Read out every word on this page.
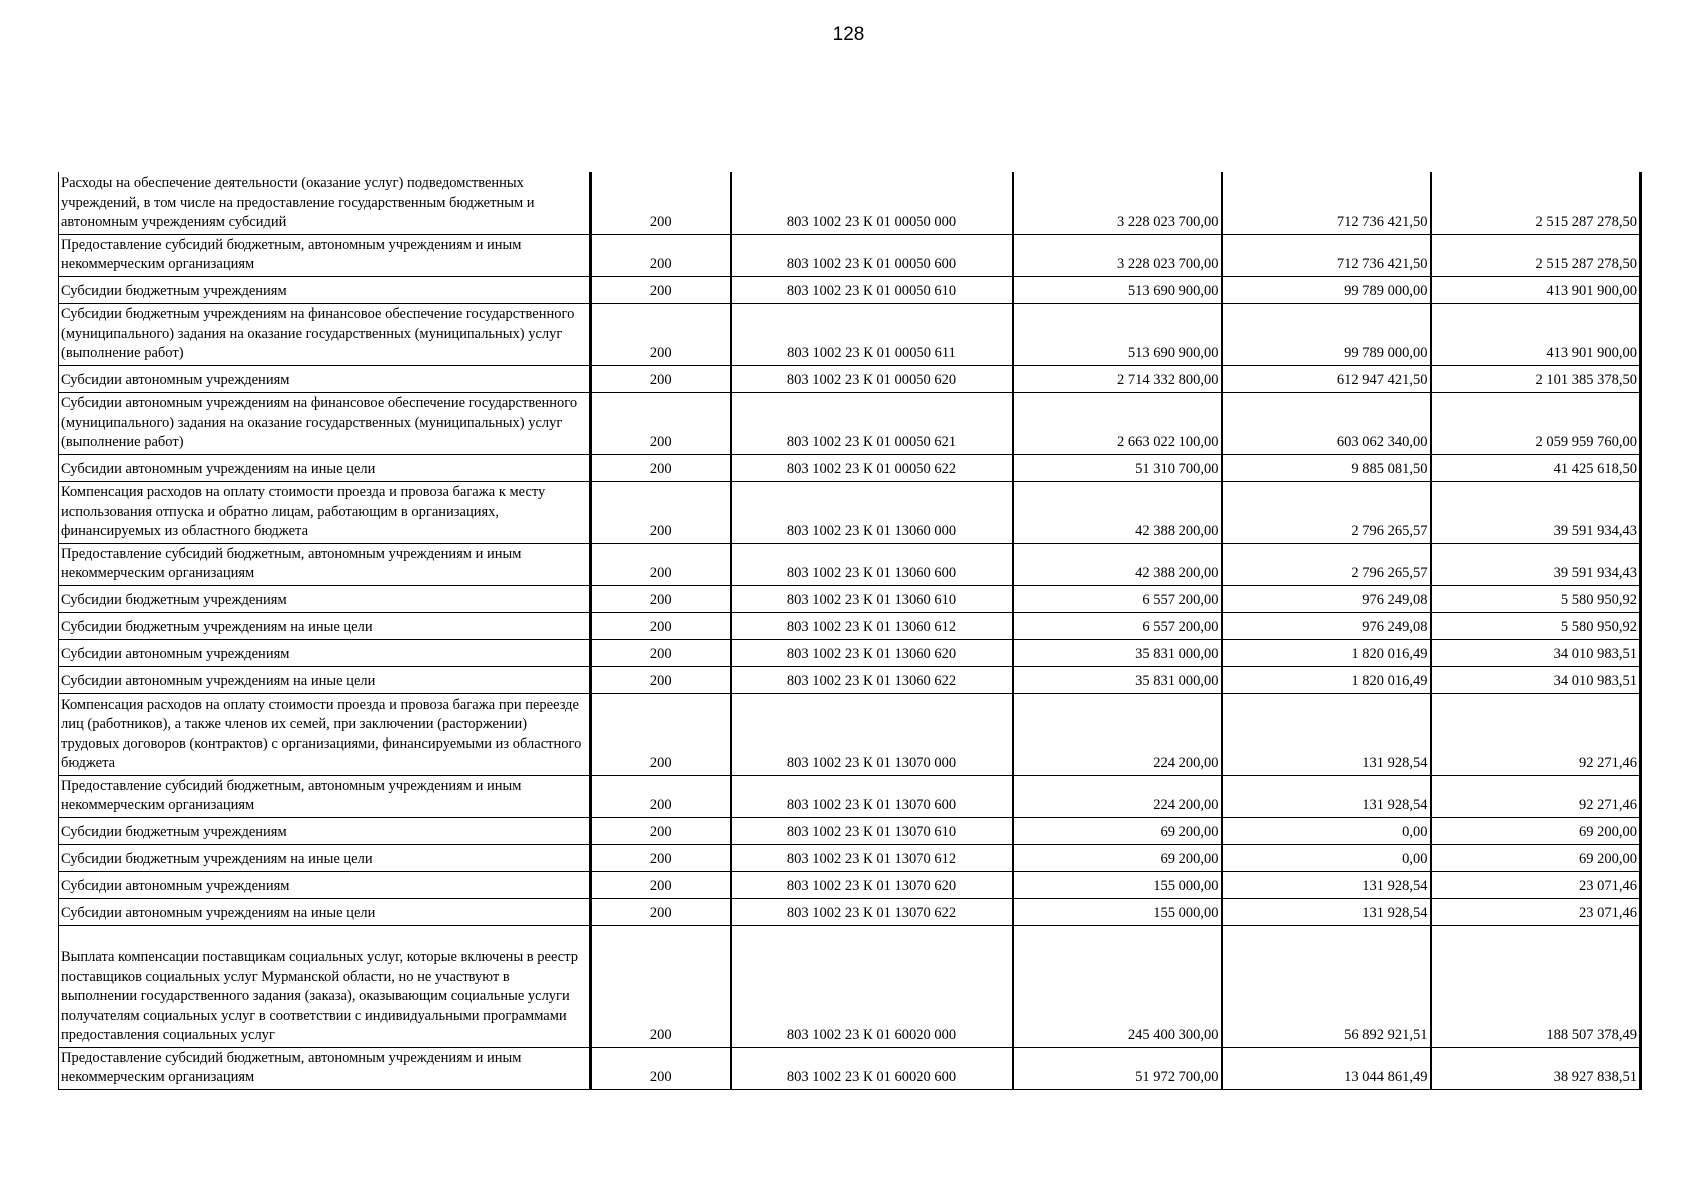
128
Расходы на обеспечение деятельности (оказание услуг) подведомственных учреждений, в том числе на предоставление государственным бюджетным и автономным учреждениям субсидий	200	803 1002 23 К 01 00050 000	3 228 023 700,00	712 736 421,50	2 515 287 278,50
Предоставление субсидий бюджетным, автономным учреждениям и иным некоммерческим организациям	200	803 1002 23 К 01 00050 600	3 228 023 700,00	712 736 421,50	2 515 287 278,50
Субсидии бюджетным учреждениям	200	803 1002 23 К 01 00050 610	513 690 900,00	99 789 000,00	413 901 900,00
Субсидии бюджетным учреждениям на финансовое обеспечение государственного (муниципального) задания на оказание государственных (муниципальных) услуг (выполнение работ)	200	803 1002 23 К 01 00050 611	513 690 900,00	99 789 000,00	413 901 900,00
Субсидии автономным учреждениям	200	803 1002 23 К 01 00050 620	2 714 332 800,00	612 947 421,50	2 101 385 378,50
Субсидии автономным учреждениям на финансовое обеспечение государственного (муниципального) задания на оказание государственных (муниципальных) услуг (выполнение работ)	200	803 1002 23 К 01 00050 621	2 663 022 100,00	603 062 340,00	2 059 959 760,00
Субсидии автономным учреждениям на иные цели	200	803 1002 23 К 01 00050 622	51 310 700,00	9 885 081,50	41 425 618,50
Компенсация расходов на оплату стоимости проезда и провоза багажа к месту использования отпуска и обратно лицам, работающим в организациях, финансируемых из областного бюджета	200	803 1002 23 К 01 13060 000	42 388 200,00	2 796 265,57	39 591 934,43
Предоставление субсидий бюджетным, автономным учреждениям и иным некоммерческим организациям	200	803 1002 23 К 01 13060 600	42 388 200,00	2 796 265,57	39 591 934,43
Субсидии бюджетным учреждениям	200	803 1002 23 К 01 13060 610	6 557 200,00	976 249,08	5 580 950,92
Субсидии бюджетным учреждениям на иные цели	200	803 1002 23 К 01 13060 612	6 557 200,00	976 249,08	5 580 950,92
Субсидии автономным учреждениям	200	803 1002 23 К 01 13060 620	35 831 000,00	1 820 016,49	34 010 983,51
Субсидии автономным учреждениям на иные цели	200	803 1002 23 К 01 13060 622	35 831 000,00	1 820 016,49	34 010 983,51
Компенсация расходов на оплату стоимости проезда и провоза багажа при переезде лиц (работников), а также членов их семей, при заключении (расторжении) трудовых договоров (контрактов) с организациями, финансируемыми из областного бюджета	200	803 1002 23 К 01 13070 000	224 200,00	131 928,54	92 271,46
Предоставление субсидий бюджетным, автономным учреждениям и иным некоммерческим организациям	200	803 1002 23 К 01 13070 600	224 200,00	131 928,54	92 271,46
Субсидии бюджетным учреждениям	200	803 1002 23 К 01 13070 610	69 200,00	0,00	69 200,00
Субсидии бюджетным учреждениям на иные цели	200	803 1002 23 К 01 13070 612	69 200,00	0,00	69 200,00
Субсидии автономным учреждениям	200	803 1002 23 К 01 13070 620	155 000,00	131 928,54	23 071,46
Субсидии автономным учреждениям на иные цели	200	803 1002 23 К 01 13070 622	155 000,00	131 928,54	23 071,46
Выплата компенсации поставщикам социальных услуг, которые включены в реестр поставщиков социальных услуг Мурманской области, но не участвуют в выполнении государственного задания (заказа), оказывающим социальные услуги получателям социальных услуг в соответствии с индивидуальными программами предоставления социальных услуг	200	803 1002 23 К 01 60020 000	245 400 300,00	56 892 921,51	188 507 378,49
Предоставление субсидий бюджетным, автономным учреждениям и иным некоммерческим организациям	200	803 1002 23 К 01 60020 600	51 972 700,00	13 044 861,49	38 927 838,51
